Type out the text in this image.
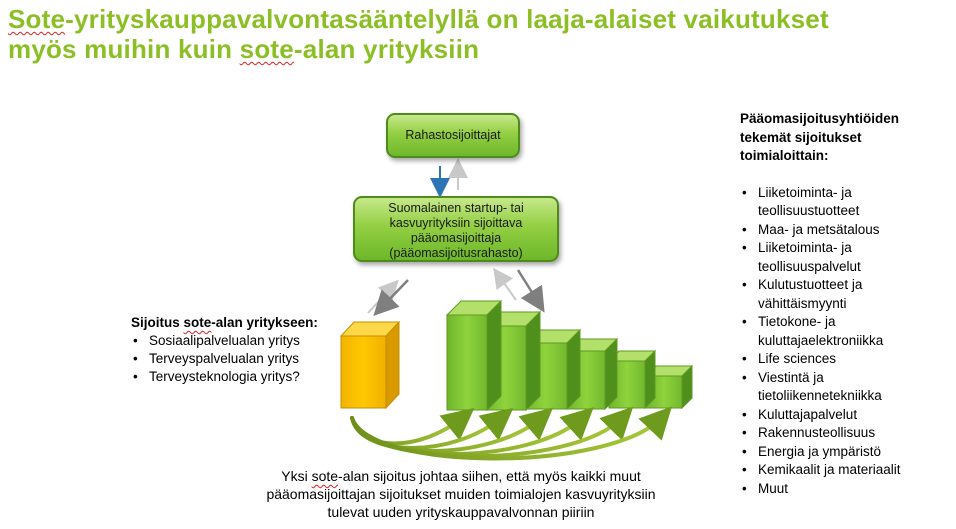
Sote-yrityskauppavalvontasääntelyllä on laaja-alaiset vaikutukset
myös muihin kuin sote-alan yrityksiin
Rahastosijoittajat
Suomalainen startup- tai kasvuyrityksiin sijoittava pääomasijoittaja (pääomasijoitusrahasto)

Sijoitus sote-alan yritykseen:

• Sosiaalipalvelualan yritys
• Terveyspalvelualan yritys
• Terveysteknologia yritys?

Pääomasijoitusyhtiöiden tekemät sijoitukset toimialoittain:

• Liiketoiminta- ja teollisuustuotteet
• Maa- ja metsätalous
• Liiketoiminta- ja teollisuuspalvelut
• Kulutustuotteet ja vähittäismyynti
• Tietokone- ja kuluttajaelektroniikka
• Life sciences
• Viestintä ja tietoliikennetekniikka
• Kuluttajapalvelut
• Rakennusteollisuus
• Energia ja ympäristö
• Kemikaalit ja materiaalit
• Muut
Yksi sote-alan sijoitus johtaa siihen, että myös kaikki muut pääomasijoittajan sijoitukset muiden toimialojen kasvuyrityksiin tulevat uuden yrityskauppavalvonnan piiriin
